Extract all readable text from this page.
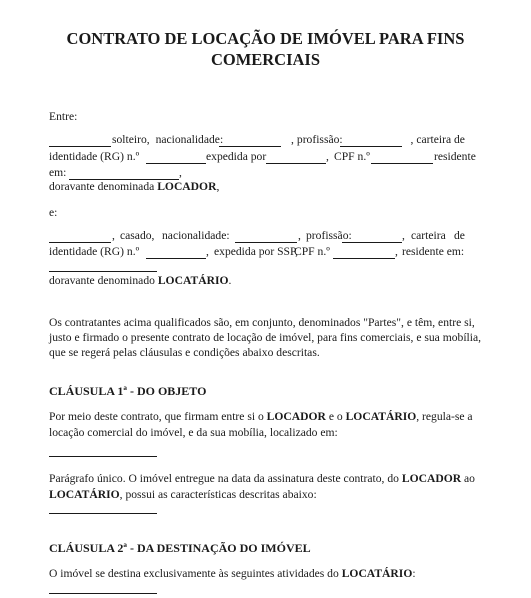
CONTRATO DE LOCAÇÃO DE IMÓVEL PARA FINS
COMERCIAIS
Entre:
solteiro, nacionalidade:	, profissão:	, carteira de
identidade (RG) n.º	expedida por	, CPF n.º	residente
em:	,
doravante denominada LOCADOR,
e:
, casado, nacionalidade:	, profissão:	, carteira de
identidade (RG) n.º	, expedida por SSP,
CPF n.º	, residente em:
doravante denominado LOCATÁRIO.
Os contratantes acima qualificados são, em conjunto, denominados "Partes", e têm, entre si,
justo e firmado o presente contrato de locação de imóvel, para fins comerciais, e sua mobília,
que se regerá pelas cláusulas e condições abaixo descritas.
CLÁUSULA 1ª - DO OBJETO
Por meio deste contrato, que firmam entre si o LOCADOR e o LOCATÁRIO, regula-se a
locação comercial do imóvel, e da sua mobília, localizado em:
Parágrafo único. O imóvel entregue na data da assinatura deste contrato, do LOCADOR ao
LOCATÁRIO, possui as características descritas abaixo:
CLÁUSULA 2ª - DA DESTINAÇÃO DO IMÓVEL
O imóvel se destina exclusivamente às seguintes atividades do LOCATÁRIO:
